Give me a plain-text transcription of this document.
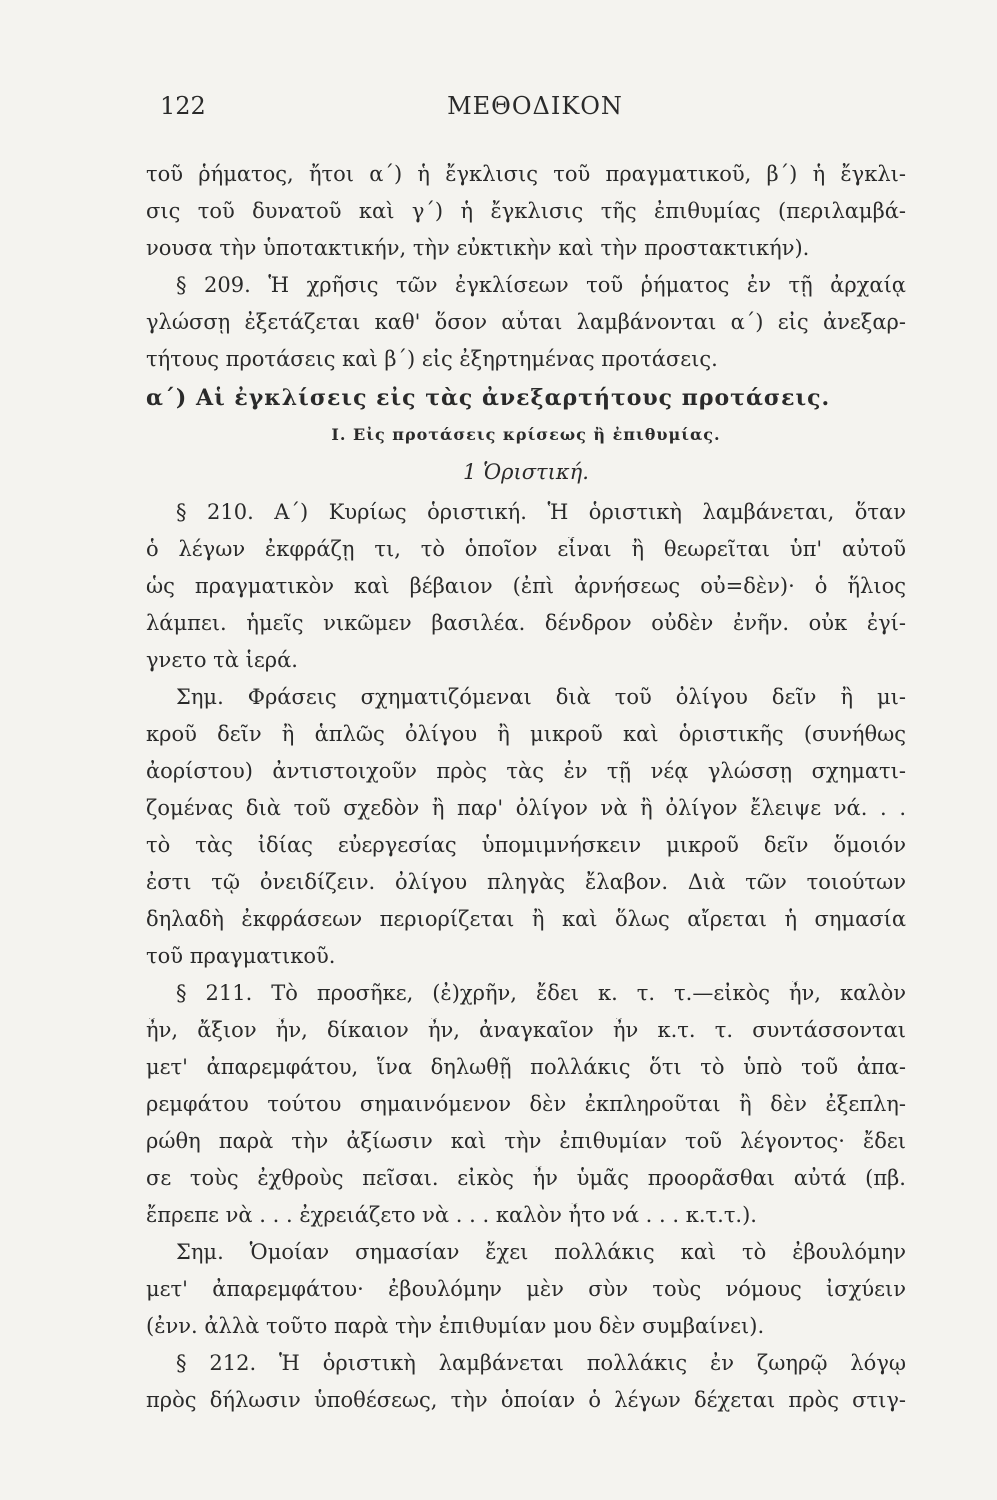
122	ΜΕΘΟΔΙΚΟΝ
τοῦ ῥήματος, ἤτοι α΄) ἡ ἔγκλισις τοῦ πραγματικοῦ, β΄) ἡ ἔγκλι-
σις τοῦ δυνατοῦ καὶ γ΄) ἡ ἔγκλισις τῆς ἐπιθυμίας (περιλαμβά-
νουσα τὴν ὑποτακτικήν, τὴν εὐκτικὴν καὶ τὴν προστακτικήν).
§ 209. Ἡ χρῆσις τῶν ἐγκλίσεων τοῦ ῥήματος ἐν τῇ ἀρχαίᾳ
γλώσσῃ ἐξετάζεται καθ' ὅσον αὗται λαμβάνονται α΄) εἰς ἀνεξαρ-
τήτους προτάσεις καὶ β΄) εἰς ἐξηρτημένας προτάσεις.
α΄) Αἱ ἐγκλίσεις εἰς τὰς ἀνεξαρτήτους προτάσεις.
I. Εἰς προτάσεις κρίσεως ἢ ἐπιθυμίας.
1 Ὁριστική.
§ 210. Α΄) Κυρίως ὁριστική. Ἡ ὁριστικὴ λαμβάνεται, ὅταν
ὁ λέγων ἐκφράζῃ τι, τὸ ὁποῖον εἶναι ἢ θεωρεῖται ὑπ' αὐτοῦ
ὡς πραγματικὸν καὶ βέβαιον (ἐπὶ ἀρνήσεως οὐ=δὲν)· ὁ ἥλιος
λάμπει. ἡμεῖς νικῶμεν βασιλέα. δένδρον οὐδὲν ἐνῆν. οὐκ ἐγί-
γνετο τὰ ἱερά.
Σημ. Φράσεις σχηματιζόμεναι διὰ τοῦ ὀλίγου δεῖν ἢ μι-
κροῦ δεῖν ἢ ἁπλῶς ὀλίγου ἢ μικροῦ καὶ ὁριστικῆς (συνήθως
ἀορίστου) ἀντιστοιχοῦν πρὸς τὰς ἐν τῇ νέᾳ γλώσσῃ σχηματι-
ζομένας διὰ τοῦ σχεδὸν ἢ παρ' ὀλίγον νὰ ἢ ὀλίγον ἔλειψε νά. . .
τὸ τὰς ἰδίας εὐεργεσίας ὑπομιμνήσκειν μικροῦ δεῖν ὅμοιόν
ἐστι τῷ ὀνειδίζειν. ὀλίγου πληγὰς ἔλαβον. Διὰ τῶν τοιούτων
δηλαδὴ ἐκφράσεων περιορίζεται ἢ καὶ ὅλως αἴρεται ἡ σημασία
τοῦ πραγματικοῦ.
§ 211. Τὸ προσῆκε, (ἐ)χρῆν, ἔδει κ. τ. τ.—εἰκὸς ἦν, καλὸν
ἦν, ἄξιον ἦν, δίκαιον ἦν, ἀναγκαῖον ἦν κ.τ. τ. συντάσσονται
μετ' ἀπαρεμφάτου, ἵνα δηλωθῇ πολλάκις ὅτι τὸ ὑπὸ τοῦ ἀπα-
ρεμφάτου τούτου σημαινόμενον δὲν ἐκπληροῦται ἢ δὲν ἐξεπλη-
ρώθη παρὰ τὴν ἀξίωσιν καὶ τὴν ἐπιθυμίαν τοῦ λέγοντος· ἔδει
σε τοὺς ἐχθροὺς πεῖσαι. εἰκὸς ἦν ὑμᾶς προορᾶσθαι αὐτά (πβ.
ἔπρεπε νὰ . . . ἐχρειάζετο νὰ . . . καλὸν ἦτο νά . . . κ.τ.τ.).
Σημ. Ὁμοίαν σημασίαν ἔχει πολλάκις καὶ τὸ ἐβουλόμην
μετ' ἀπαρεμφάτου· ἐβουλόμην μὲν σὺν τοὺς νόμους ἰσχύειν
(ἐνν. ἀλλὰ τοῦτο παρὰ τὴν ἐπιθυμίαν μου δὲν συμβαίνει).
§ 212. Ἡ ὁριστικὴ λαμβάνεται πολλάκις ἐν ζωηρῷ λόγῳ
πρὸς δήλωσιν ὑποθέσεως, τὴν ὁποίαν ὁ λέγων δέχεται πρὸς στιγ-
